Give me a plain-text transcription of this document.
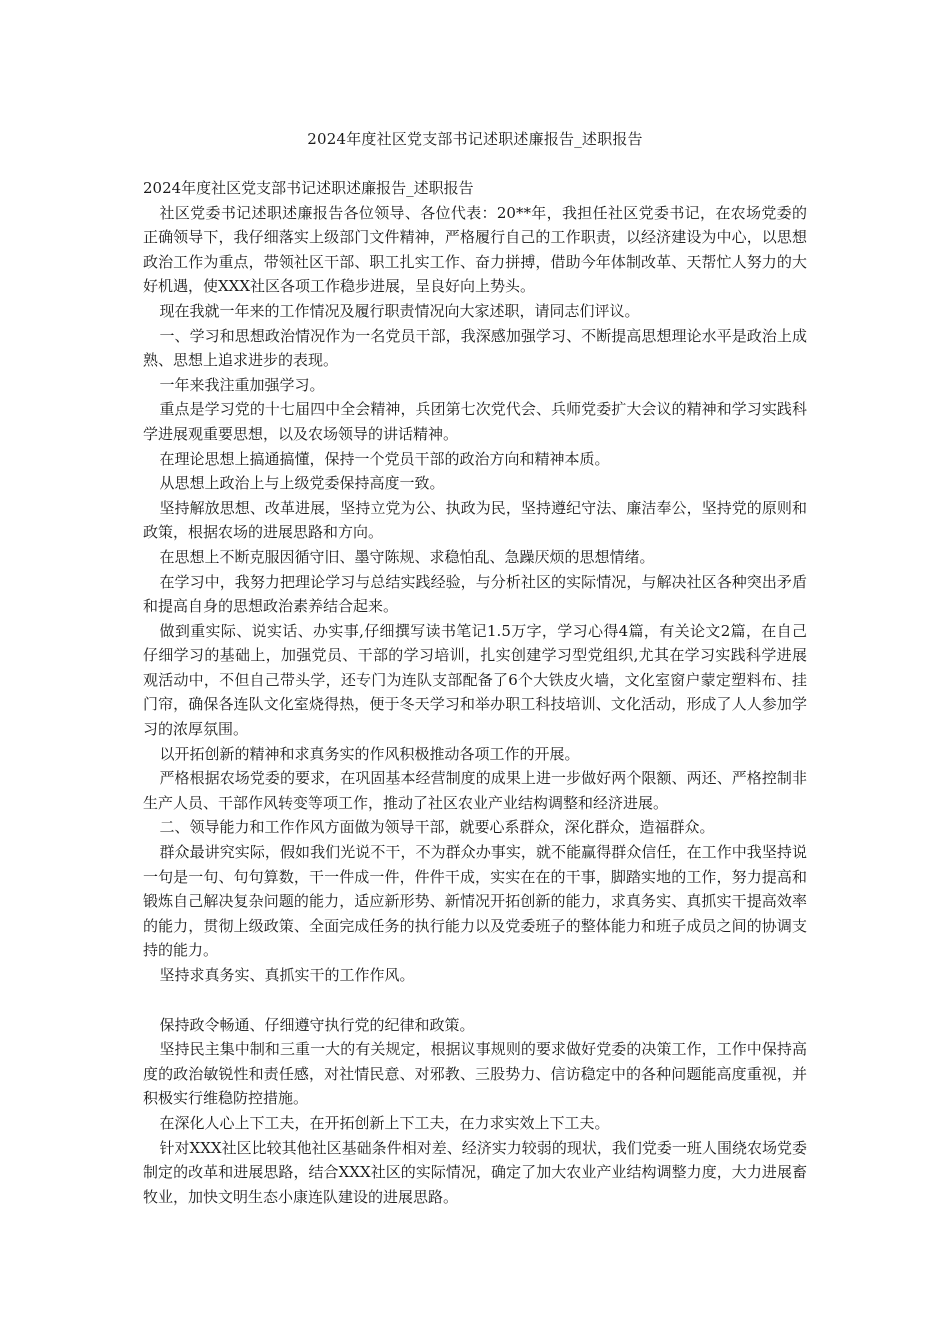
2024年度社区党支部书记述职述廉报告_述职报告

2024年度社区党支部书记述职述廉报告_述职报告

社区党委书记述职述廉报告各位领导、各位代表：20**年，我担任社区党委书记，在农场党委的正确领导下，我仔细落实上级部门文件精神，严格履行自己的工作职责，以经济建设为中心，以思想政治工作为重点，带领社区干部、职工扎实工作、奋力拼搏，借助今年体制改革、天帮忙人努力的大好机遇，使XXX社区各项工作稳步进展，呈良好向上势头。

现在我就一年来的工作情况及履行职责情况向大家述职，请同志们评议。

一、学习和思想政治情况作为一名党员干部，我深感加强学习、不断提高思想理论水平是政治上成熟、思想上追求进步的表现。

一年来我注重加强学习。

重点是学习党的十七届四中全会精神，兵团第七次党代会、兵师党委扩大会议的精神和学习实践科学进展观重要思想，以及农场领导的讲话精神。

在理论思想上搞通搞懂，保持一个党员干部的政治方向和精神本质。

从思想上政治上与上级党委保持高度一致。

坚持解放思想、改革进展，坚持立党为公、执政为民，坚持遵纪守法、廉洁奉公，坚持党的原则和政策，根据农场的进展思路和方向。

在思想上不断克服因循守旧、墨守陈规、求稳怕乱、急躁厌烦的思想情绪。

在学习中，我努力把理论学习与总结实践经验，与分析社区的实际情况，与解决社区各种突出矛盾和提高自身的思想政治素养结合起来。

做到重实际、说实话、办实事,仔细撰写读书笔记1.5万字，学习心得4篇，有关论文2篇，在自己仔细学习的基础上，加强党员、干部的学习培训，扎实创建学习型党组织,尤其在学习实践科学进展观活动中，不但自己带头学，还专门为连队支部配备了6个大铁皮火墙，文化室窗户蒙定塑料布、挂门帘，确保各连队文化室烧得热，便于冬天学习和举办职工科技培训、文化活动，形成了人人参加学习的浓厚氛围。

以开拓创新的精神和求真务实的作风积极推动各项工作的开展。

严格根据农场党委的要求，在巩固基本经营制度的成果上进一步做好两个限额、两还、严格控制非生产人员、干部作风转变等项工作，推动了社区农业产业结构调整和经济进展。

二、领导能力和工作作风方面做为领导干部，就要心系群众，深化群众，造福群众。

群众最讲究实际，假如我们光说不干，不为群众办事实，就不能赢得群众信任，在工作中我坚持说一句是一句、句句算数，干一件成一件，件件干成，实实在在的干事，脚踏实地的工作，努力提高和锻炼自己解决复杂问题的能力，适应新形势、新情况开拓创新的能力，求真务实、真抓实干提高效率的能力，贯彻上级政策、全面完成任务的执行能力以及党委班子的整体能力和班子成员之间的协调支持的能力。

坚持求真务实、真抓实干的工作作风。

保持政令畅通、仔细遵守执行党的纪律和政策。

坚持民主集中制和三重一大的有关规定，根据议事规则的要求做好党委的决策工作，工作中保持高度的政治敏锐性和责任感，对社情民意、对邪教、三股势力、信访稳定中的各种问题能高度重视，并积极实行维稳防控措施。

在深化人心上下工夫，在开拓创新上下工夫，在力求实效上下工夫。

针对XXX社区比较其他社区基础条件相对差、经济实力较弱的现状，我们党委一班人围绕农场党委制定的改革和进展思路，结合XXX社区的实际情况，确定了加大农业产业结构调整力度，大力进展畜牧业，加快文明生态小康连队建设的进展思路。
